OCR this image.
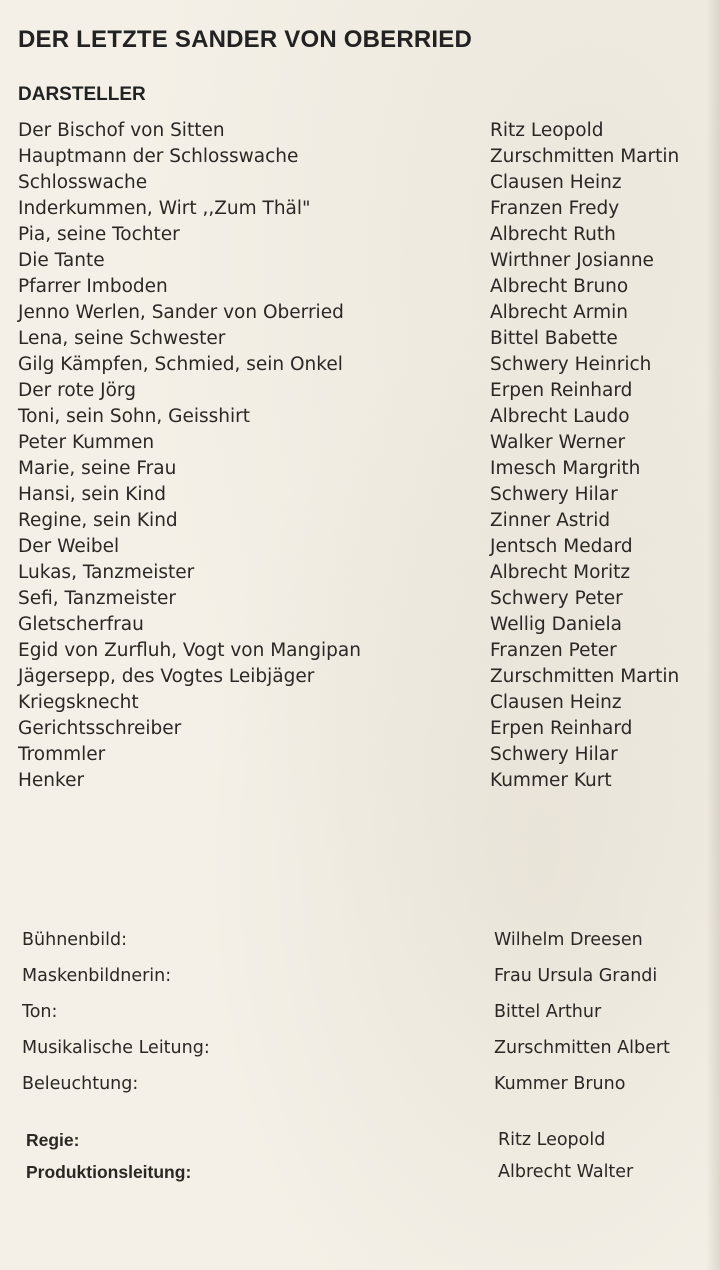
DER LETZTE SANDER VON OBERRIED
DARSTELLER
Der Bischof von Sitten	Ritz Leopold
Hauptmann der Schlosswache	Zurschmitten Martin
Schlosswache	Clausen Heinz
Inderkummen, Wirt ,,Zum Thäl"	Franzen Fredy
Pia, seine Tochter	Albrecht Ruth
Die Tante	Wirthner Josianne
Pfarrer Imboden	Albrecht Bruno
Jenno Werlen, Sander von Oberried	Albrecht Armin
Lena, seine Schwester	Bittel Babette
Gilg Kämpfen, Schmied, sein Onkel	Schwery Heinrich
Der rote Jörg	Erpen Reinhard
Toni, sein Sohn, Geisshirt	Albrecht Laudo
Peter Kummen	Walker Werner
Marie, seine Frau	Imesch Margrith
Hansi, sein Kind	Schwery Hilar
Regine, sein Kind	Zinner Astrid
Der Weibel	Jentsch Medard
Lukas, Tanzmeister	Albrecht Moritz
Sefi, Tanzmeister	Schwery Peter
Gletscherfrau	Wellig Daniela
Egid von Zurfluh, Vogt von Mangipan	Franzen Peter
Jägersepp, des Vogtes Leibjäger	Zurschmitten Martin
Kriegsknecht	Clausen Heinz
Gerichtsschreiber	Erpen Reinhard
Trommler	Schwery Hilar
Henker	Kummer Kurt
Bühnenbild:	Wilhelm Dreesen
Maskenbildnerin:	Frau Ursula Grandi
Ton:	Bittel Arthur
Musikalische Leitung:	Zurschmitten Albert
Beleuchtung:	Kummer Bruno
Regie:	Ritz Leopold
Produktionsleitung:	Albrecht Walter
